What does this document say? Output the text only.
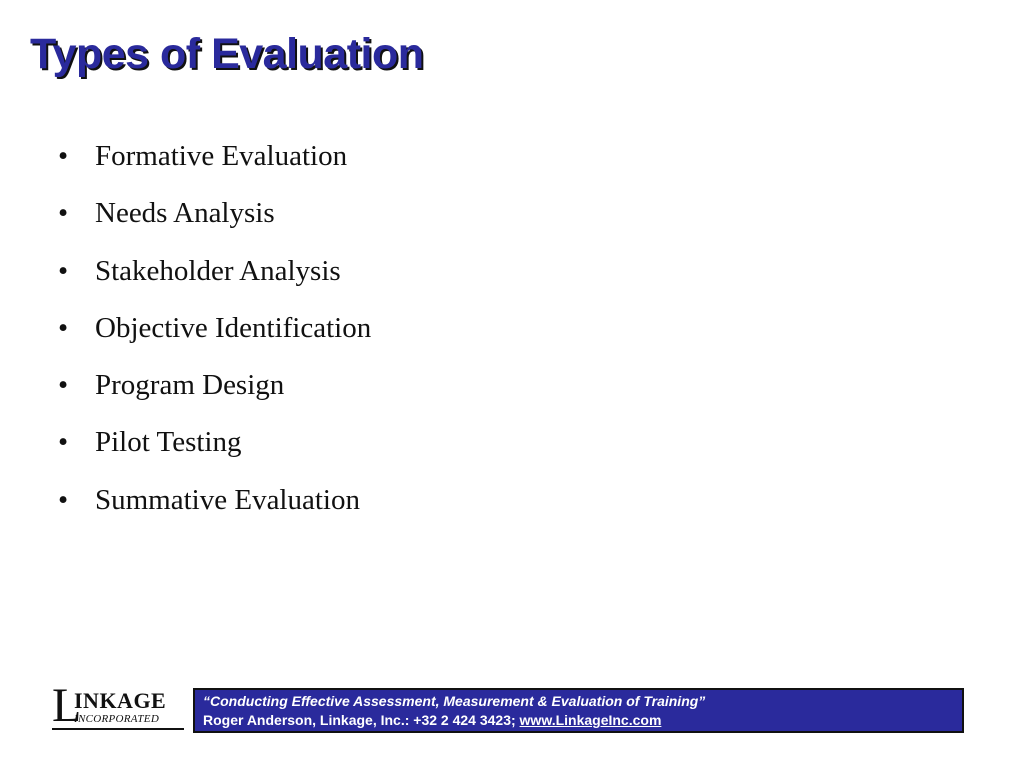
Types of Evaluation
• Formative Evaluation
• Needs Analysis
• Stakeholder Analysis
• Objective Identification
• Program Design
• Pilot Testing
• Summative Evaluation
L
INKAGE
INCORPORATED
“Conducting Effective Assessment, Measurement & Evaluation of Training”
Roger Anderson, Linkage, Inc.: +32 2 424 3423; www.LinkageInc.com
